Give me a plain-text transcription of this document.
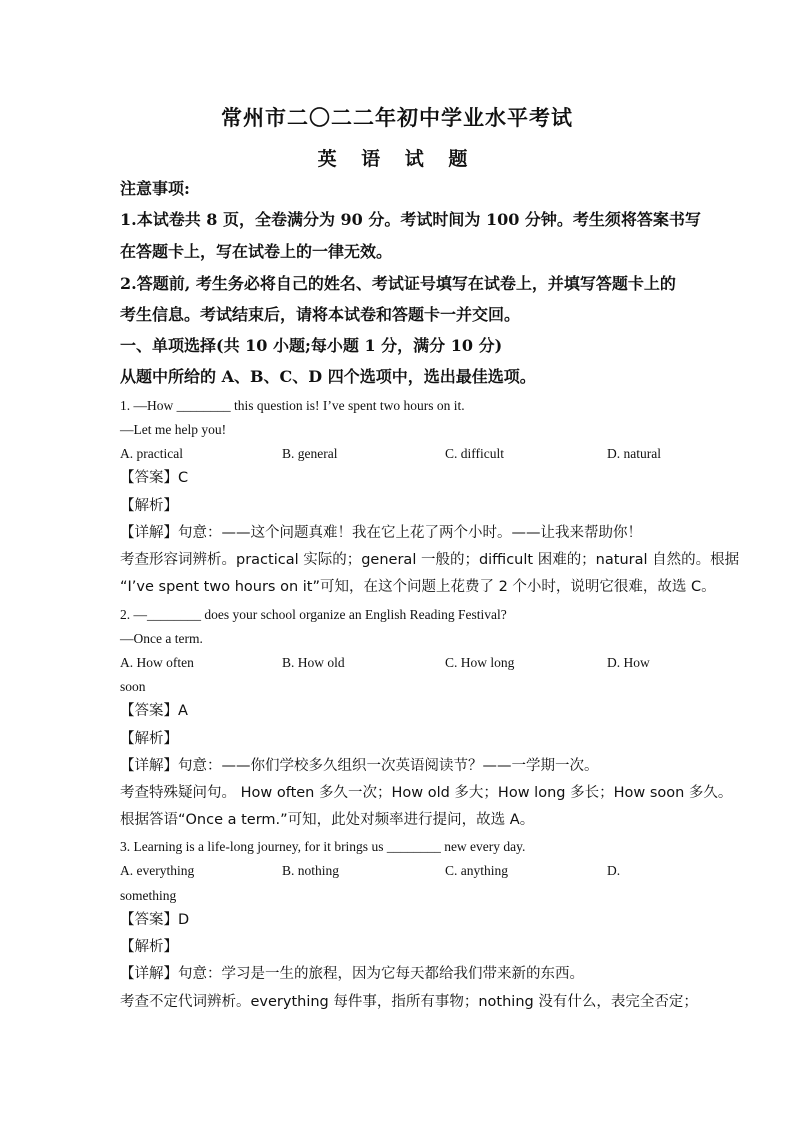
常州市二〇二二年初中学业水平考试
英 语 试 题
注意事项:
1.本试卷共 8 页，全卷满分为 90 分。考试时间为 100 分钟。考生须将答案书写
在答题卡上，写在试卷上的一律无效。
2.答题前, 考生务必将自己的姓名、考试证号填写在试卷上，并填写答题卡上的
考生信息。考试结束后，请将本试卷和答题卡一并交回。
一、单项选择(共 10 小题;每小题 1 分，满分 10 分)
从题中所给的 A、B、C、D 四个选项中，选出最佳选项。
1. —How ________ this question is! I’ve spent two hours on it.
—Let me help you!
A. practical	B. general	C. difficult	D. natural
【答案】C
【解析】
【详解】句意：——这个问题真难！我在它上花了两个小时。——让我来帮助你！
考查形容词辨析。practical 实际的；general 一般的；difficult 困难的；natural 自然的。根据
“I’ve spent two hours on it”可知，在这个问题上花费了 2 个小时，说明它很难，故选 C。
2. —________ does your school organize an English Reading Festival?
—Once a term.
A. How often	B. How old	C. How long	D. How
soon
【答案】A
【解析】
【详解】句意：——你们学校多久组织一次英语阅读节？——一学期一次。
考查特殊疑问句。 How often 多久一次；How old 多大；How long 多长；How soon 多久。
根据答语“Once a term.”可知，此处对频率进行提问，故选 A。
3. Learning is a life-long journey, for it brings us ________ new every day.
A. everything	B. nothing	C. anything	D.
something
【答案】D
【解析】
【详解】句意：学习是一生的旅程，因为它每天都给我们带来新的东西。
考查不定代词辨析。everything 每件事，指所有事物；nothing 没有什么，表完全否定；
